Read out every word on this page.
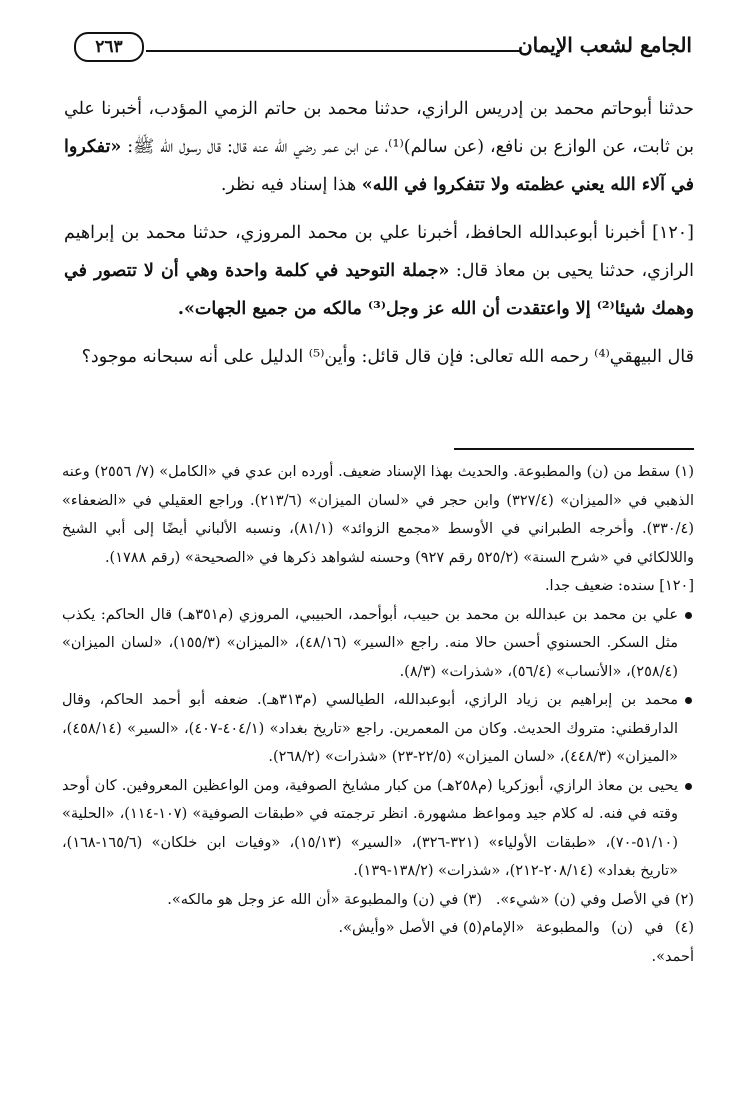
الجامع لشعب الإيمان
٢٦٣

حدثنا أبوحاتم محمد بن إدريس الرازي، حدثنا محمد بن حاتم الزمي المؤدب، أخبرنا علي بن ثابت، عن الوازع بن نافع، (عن سالم)⁽¹⁾، عن ابن عمر رضي الله عنه قال: قال رسول الله ﷺ: «تفكروا في آلاء الله يعني عظمته ولا تتفكروا في الله» هذا إسناد فيه نظر.

[١٢٠] أخبرنا أبوعبدالله الحافظ، أخبرنا علي بن محمد المروزي، حدثنا محمد بن إبراهيم الرازي، حدثنا يحيى بن معاذ قال: «جملة التوحيد في كلمة واحدة وهي أن لا تتصور في وهمك شيئا⁽²⁾ إلا واعتقدت أن الله عز وجل⁽³⁾ مالكه من جميع الجهات».

قال البيهقي⁽⁴⁾ رحمه الله تعالى: فإن قال قائل: وأين⁽⁵⁾ الدليل على أنه سبحانه موجود؟

(١) سقط من (ن) والمطبوعة. والحديث بهذا الإسناد ضعيف. أورده ابن عدي في «الكامل» (٧/ ٢٥٥٦) وعنه الذهبي في «الميزان» (٣٢٧/٤) وابن حجر في «لسان الميزان» (٢١٣/٦). وراجع العقيلي في «الضعفاء» (٣٣٠/٤). وأخرجه الطبراني في الأوسط «مجمع الزوائد» (٨١/١)، ونسبه الألباني أيضًا إلى أبي الشيخ واللالكائي في «شرح السنة» (٥٢٥/٢ رقم ٩٢٧) وحسنه لشواهد ذكرها في «الصحيحة» (رقم ١٧٨٨).

[١٢٠] سنده: ضعيف جدا.

علي بن محمد بن عبدالله بن محمد بن حبيب، أبوأحمد، الحبيبي، المروزي (م٣٥١هـ) قال الحاكم: يكذب مثل السكر. الحسنوي أحسن حالا منه. راجع «السير» (٤٨/١٦)، «الميزان» (١٥٥/٣)، «لسان الميزان» (٢٥٨/٤)، «الأنساب» (٥٦/٤)، «شذرات» (٨/٣).

محمد بن إبراهيم بن زياد الرازي، أبوعبدالله، الطيالسي (م٣١٣هـ). ضعفه أبو أحمد الحاكم، وقال الدارقطني: متروك الحديث. وكان من المعمرين. راجع «تاريخ بغداد» (٤٠٤/١-٤٠٧)، «السير» (٤٥٨/١٤)، «الميزان» (٤٤٨/٣)، «لسان الميزان» (٢٢/٥-٢٣) «شذرات» (٢٦٨/٢).

يحيى بن معاذ الرازي، أبوزكريا (م٢٥٨هـ) من كبار مشايخ الصوفية، ومن الواعظين المعروفين. كان أوحد وقته في فنه. له كلام جيد ومواعظ مشهورة. انظر ترجمته في «طبقات الصوفية» (١٠٧-١١٤)، «الحلية» (٥١/١٠-٧٠)، «طبقات الأولياء» (٣٢١-٣٢٦)، «السير» (١٥/١٣)، «وفيات ابن خلكان» (١٦٥/٦-١٦٨)، «تاريخ بغداد» (٢٠٨/١٤-٢١٢)، «شذرات» (١٣٨/٢-١٣٩).

(٢) في الأصل وفي (ن) «شيء».
(٣) في (ن) والمطبوعة «أن الله عز وجل هو مالكه».

(٤) في (ن) والمطبوعة «الإمام أحمد».
(٥) في الأصل «وأيش».
